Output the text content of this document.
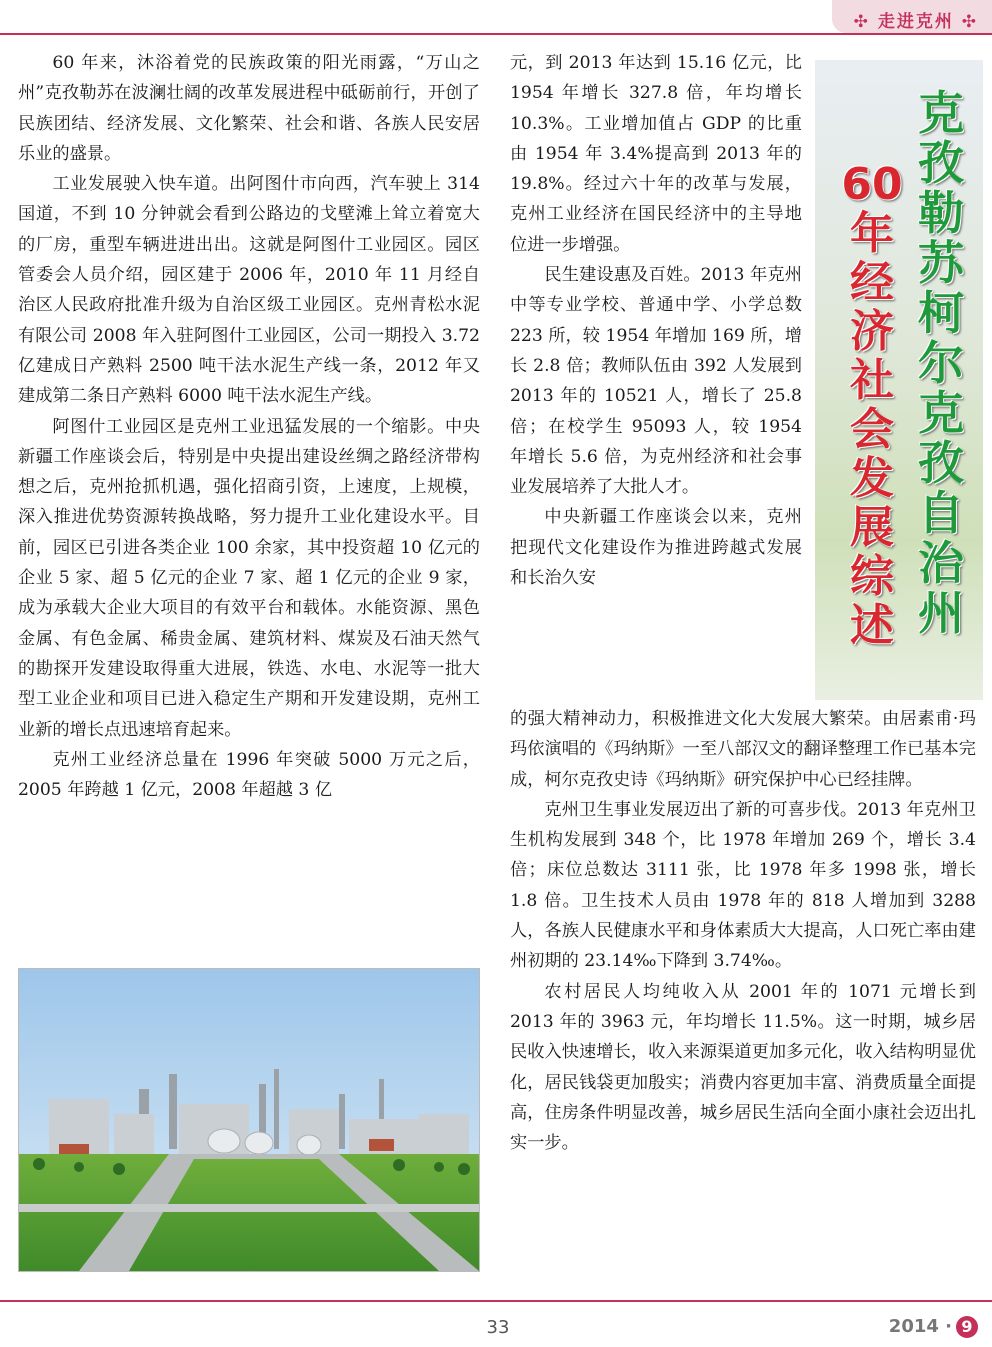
✣ 走进克州 ✣

60 年来，沐浴着党的民族政策的阳光雨露，“万山之州”克孜勒苏在波澜壮阔的改革发展进程中砥砺前行，开创了民族团结、经济发展、文化繁荣、社会和谐、各族人民安居乐业的盛景。

工业发展驶入快车道。出阿图什市向西，汽车驶上 314 国道，不到 10 分钟就会看到公路边的戈壁滩上耸立着宽大的厂房，重型车辆进进出出。这就是阿图什工业园区。园区管委会人员介绍，园区建于 2006 年，2010 年 11 月经自治区人民政府批准升级为自治区级工业园区。克州青松水泥有限公司 2008 年入驻阿图什工业园区，公司一期投入 3.72 亿建成日产熟料 2500 吨干法水泥生产线一条，2012 年又建成第二条日产熟料 6000 吨干法水泥生产线。

阿图什工业园区是克州工业迅猛发展的一个缩影。中央新疆工作座谈会后，特别是中央提出建设丝绸之路经济带构想之后，克州抢抓机遇，强化招商引资，上速度，上规模，深入推进优势资源转换战略，努力提升工业化建设水平。目前，园区已引进各类企业 100 余家，其中投资超 10 亿元的企业 5 家、超 5 亿元的企业 7 家、超 1 亿元的企业 9 家，成为承载大企业大项目的有效平台和载体。水能资源、黑色金属、有色金属、稀贵金属、建筑材料、煤炭及石油天然气的勘探开发建设取得重大进展，铁选、水电、水泥等一批大型工业企业和项目已进入稳定生产期和开发建设期，克州工业新的增长点迅速培育起来。

克州工业经济总量在 1996 年突破 5000 万元之后，2005 年跨越 1 亿元，2008 年超越 3 亿

元，到 2013 年达到 15.16 亿元，比 1954 年增长 327.8 倍，年均增长 10.3%。工业增加值占 GDP 的比重由 1954 年 3.4%提高到 2013 年的 19.8%。经过六十年的改革与发展，克州工业经济在国民经济中的主导地位进一步增强。

民生建设惠及百姓。2013 年克州中等专业学校、普通中学、小学总数 223 所，较 1954 年增加 169 所，增长 2.8 倍；教师队伍由 392 人发展到 2013 年的 10521 人，增长了 25.8 倍；在校学生 95093 人，较 1954 年增长 5.6 倍，为克州经济和社会事业发展培养了大批人才。

中央新疆工作座谈会以来，克州把现代文化建设作为推进跨越式发展和长治久安

克孜勒苏柯尔克孜自治州
60年经济社会发展综述

的强大精神动力，积极推进文化大发展大繁荣。由居素甫·玛玛依演唱的《玛纳斯》一至八部汉文的翻译整理工作已基本完成，柯尔克孜史诗《玛纳斯》研究保护中心已经挂牌。

克州卫生事业发展迈出了新的可喜步伐。2013 年克州卫生机构发展到 348 个，比 1978 年增加 269 个，增长 3.4 倍；床位总数达 3111 张，比 1978 年多 1998 张，增长 1.8 倍。卫生技术人员由 1978 年的 818 人增加到 3288 人，各族人民健康水平和身体素质大大提高，人口死亡率由建州初期的 23.14‰下降到 3.74‰。

农村居民人均纯收入从 2001 年的 1071 元增长到 2013 年的 3963 元，年均增长 11.5%。这一时期，城乡居民收入快速增长，收入来源渠道更加多元化，收入结构明显优化，居民钱袋更加殷实；消费内容更加丰富、消费质量全面提高，住房条件明显改善，城乡居民生活向全面小康社会迈出扎实一步。

33	2014 · 9
